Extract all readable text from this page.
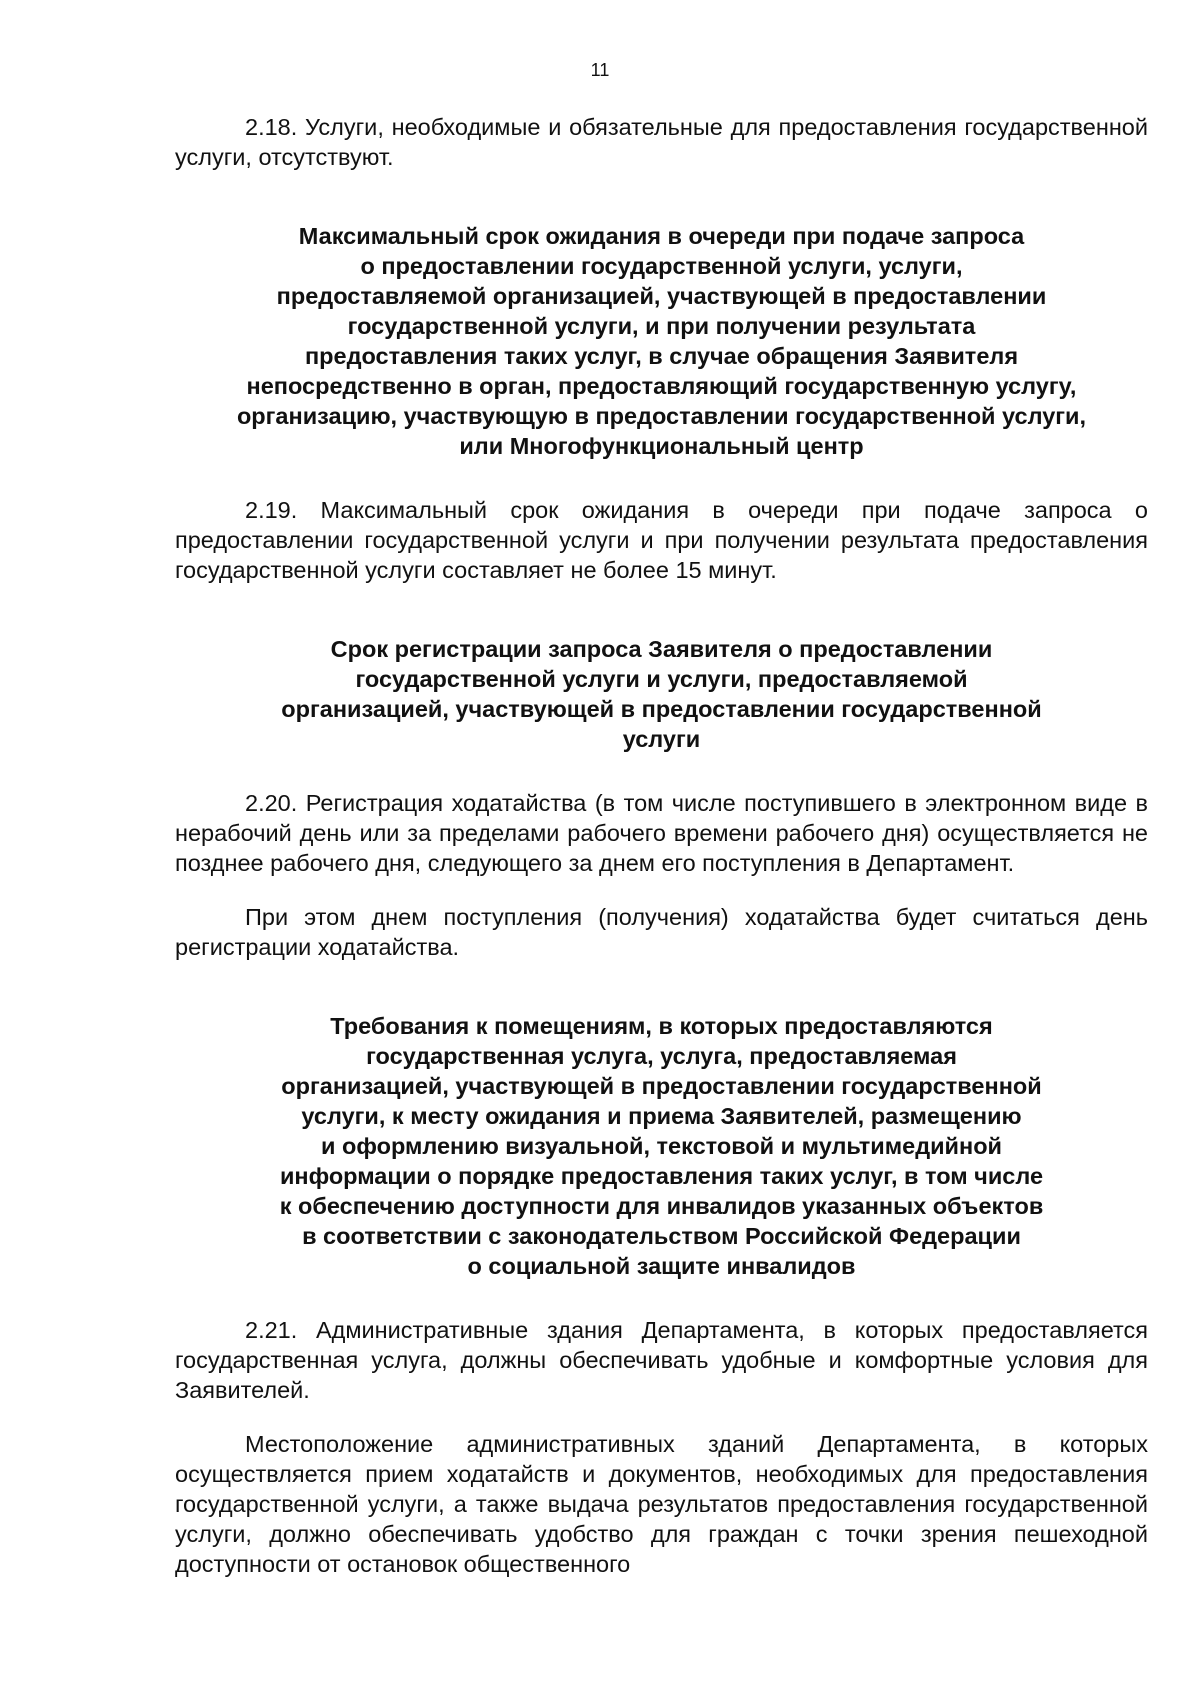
11

2.18. Услуги, необходимые и обязательные для предоставления государственной услуги, отсутствуют.

Максимальный срок ожидания в очереди при подаче запроса
о предоставлении государственной услуги, услуги,
предоставляемой организацией, участвующей в предоставлении
государственной услуги, и при получении результата
предоставления таких услуг, в случае обращения Заявителя
непосредственно в орган, предоставляющий государственную услугу,
организацию, участвующую в предоставлении государственной услуги,
или Многофункциональный центр

2.19. Максимальный срок ожидания в очереди при подаче запроса о предоставлении государственной услуги и при получении результата предоставления государственной услуги составляет не более 15 минут.

Срок регистрации запроса Заявителя о предоставлении
государственной услуги и услуги, предоставляемой
организацией, участвующей в предоставлении государственной
услуги

2.20. Регистрация ходатайства (в том числе поступившего в электронном виде в нерабочий день или за пределами рабочего времени рабочего дня) осуществляется не позднее рабочего дня, следующего за днем его поступления в Департамент.

При этом днем поступления (получения) ходатайства будет считаться день регистрации ходатайства.

Требования к помещениям, в которых предоставляются
государственная услуга, услуга, предоставляемая
организацией, участвующей в предоставлении государственной
услуги, к месту ожидания и приема Заявителей, размещению
и оформлению визуальной, текстовой и мультимедийной
информации о порядке предоставления таких услуг, в том числе
к обеспечению доступности для инвалидов указанных объектов
в соответствии с законодательством Российской Федерации
о социальной защите инвалидов

2.21. Административные здания Департамента, в которых предоставляется государственная услуга, должны обеспечивать удобные и комфортные условия для Заявителей.

Местоположение административных зданий Департамента, в которых осуществляется прием ходатайств и документов, необходимых для предоставления государственной услуги, а также выдача результатов предоставления государственной услуги, должно обеспечивать удобство для граждан с точки зрения пешеходной доступности от остановок общественного
